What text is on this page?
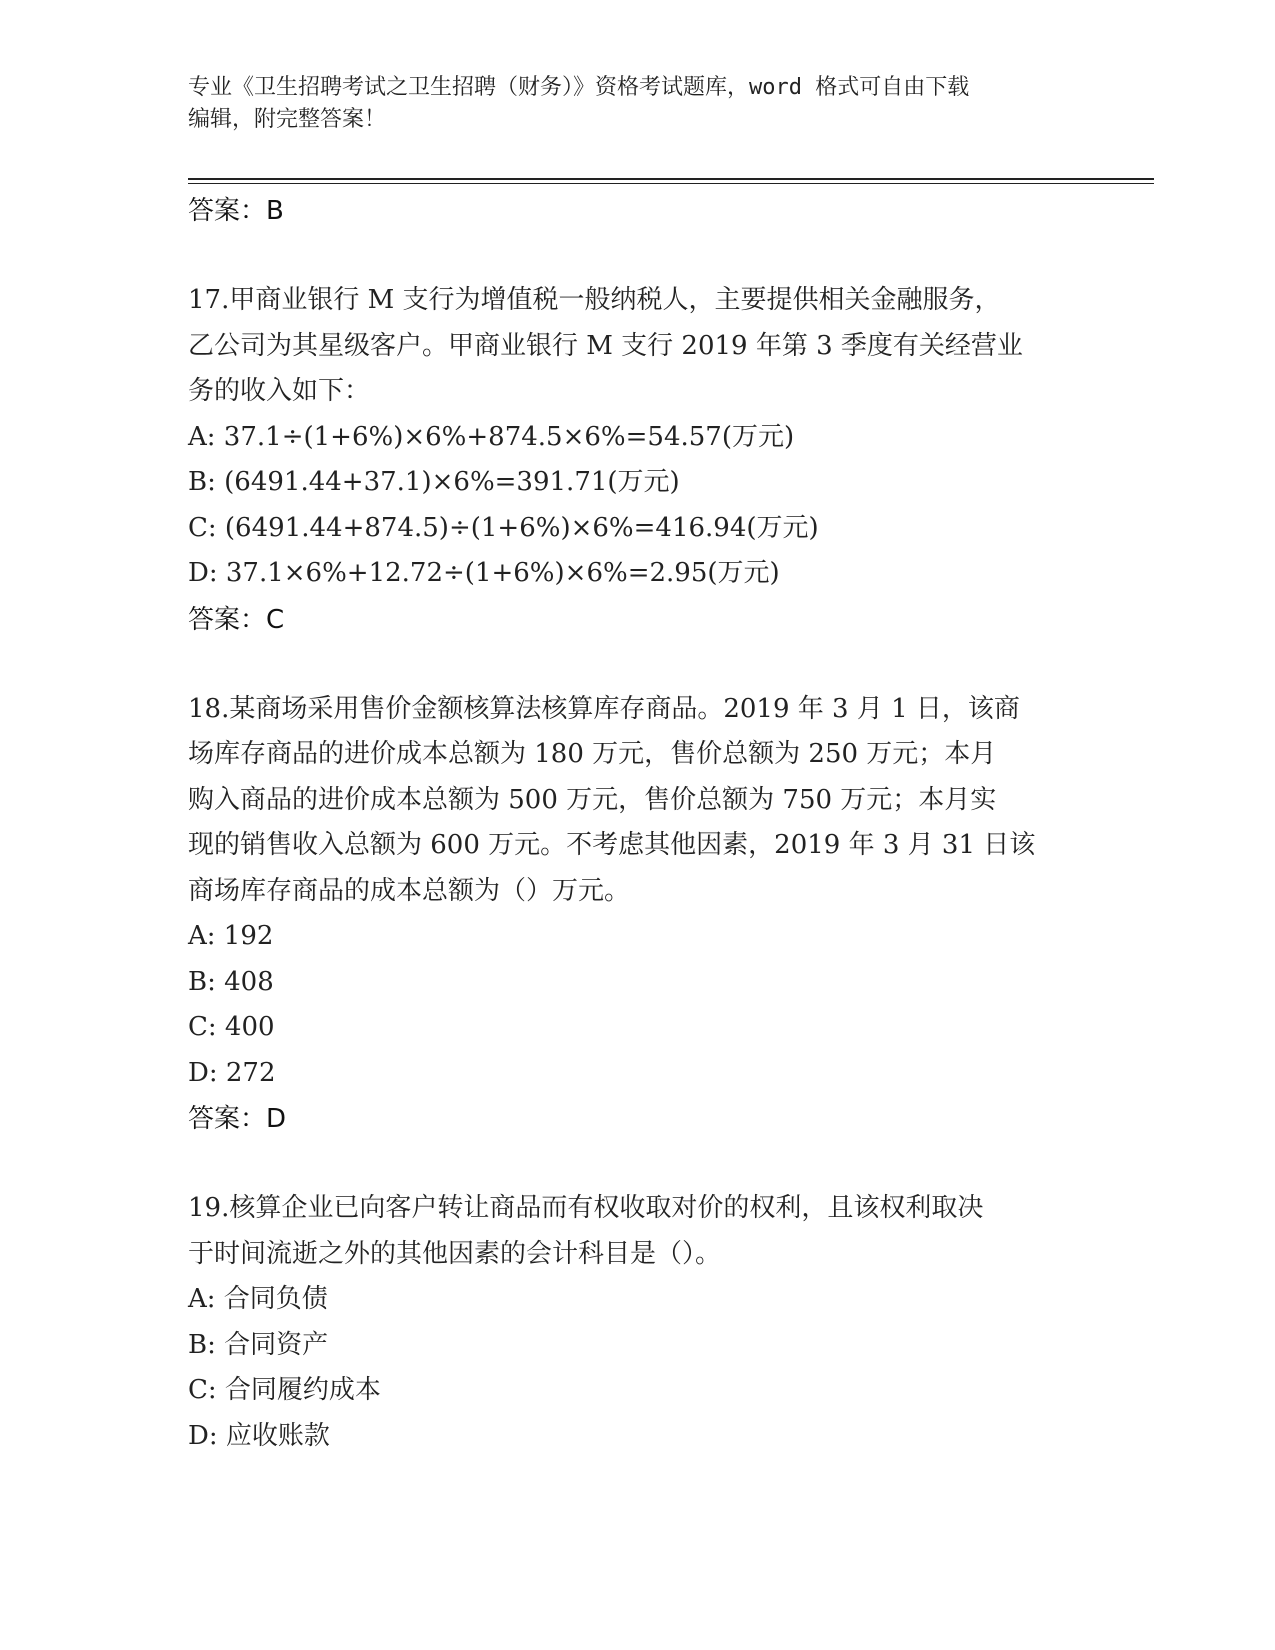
专业《卫生招聘考试之卫生招聘（财务）》资格考试题库，word 格式可自由下载
编辑，附完整答案！
答案：B
17.甲商业银行 M 支行为增值税一般纳税人，主要提供相关金融服务，
乙公司为其星级客户。甲商业银行 M 支行 2019 年第 3 季度有关经营业
务的收入如下：
A: 37.1÷(1+6%)×6%+874.5×6%=54.57(万元)
B: (6491.44+37.1)×6%=391.71(万元)
C: (6491.44+874.5)÷(1+6%)×6%=416.94(万元)
D: 37.1×6%+12.72÷(1+6%)×6%=2.95(万元)
答案：C
18.某商场采用售价金额核算法核算库存商品。2019 年 3 月 1 日，该商
场库存商品的进价成本总额为 180 万元，售价总额为 250 万元；本月
购入商品的进价成本总额为 500 万元，售价总额为 750 万元；本月实
现的销售收入总额为 600 万元。不考虑其他因素，2019 年 3 月 31 日该
商场库存商品的成本总额为（）万元。
A: 192
B: 408
C: 400
D: 272
答案：D
19.核算企业已向客户转让商品而有权收取对价的权利，且该权利取决
于时间流逝之外的其他因素的会计科目是（）。
A: 合同负债
B: 合同资产
C: 合同履约成本
D: 应收账款
